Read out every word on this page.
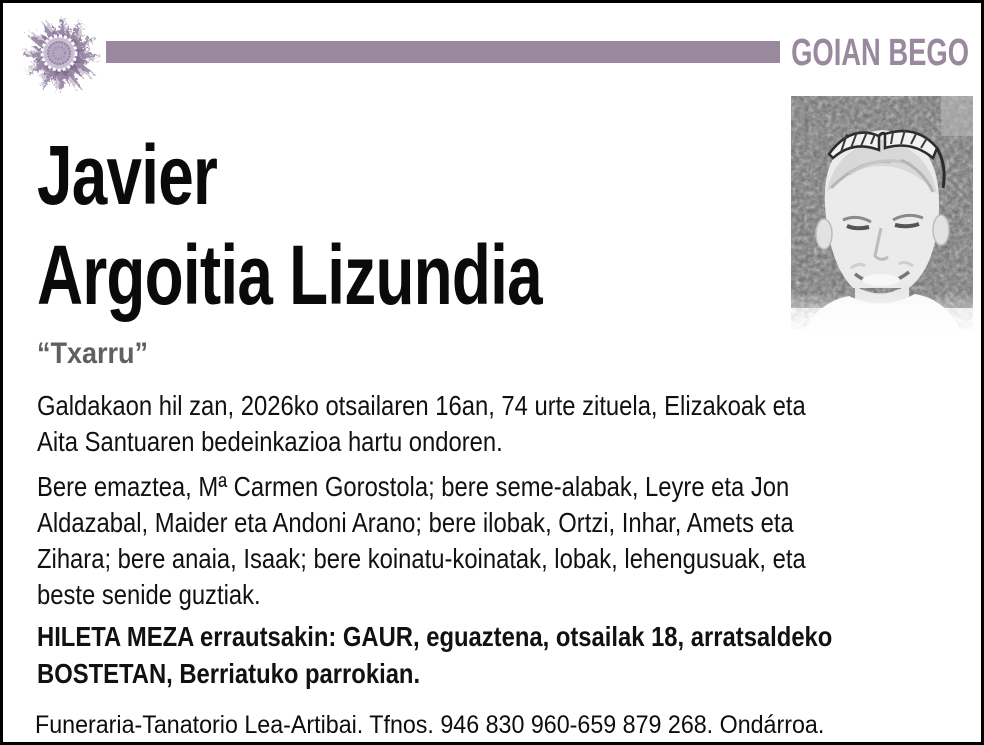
GOIAN BEGO
Javier
Argoitia Lizundia
“Txarru”
Galdakaon hil zan, 2026ko otsailaren 16an, 74 urte zituela, Elizakoak eta
Aita Santuaren bedeinkazioa hartu ondoren.
Bere emaztea, Mª Carmen Gorostola; bere seme-alabak, Leyre eta Jon
Aldazabal, Maider eta Andoni Arano; bere ilobak, Ortzi, Inhar, Amets eta
Zihara; bere anaia, Isaak; bere koinatu-koinatak, lobak, lehengusuak, eta
beste senide guztiak.
HILETA MEZA errautsakin: GAUR, eguaztena, otsailak 18, arratsaldeko
BOSTETAN, Berriatuko parrokian.
Funeraria-Tanatorio Lea-Artibai. Tfnos. 946 830 960-659 879 268. Ondárroa.
